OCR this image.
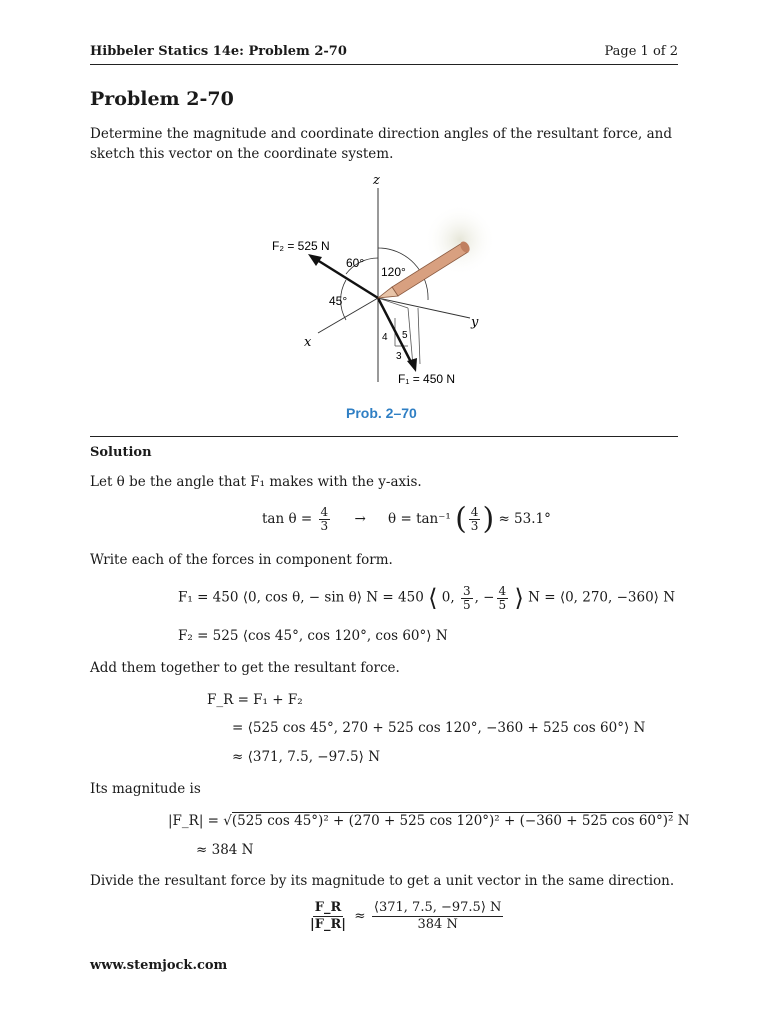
Hibbeler Statics 14e: Problem 2-70	Page 1 of 2
Problem 2-70
Determine the magnitude and coordinate direction angles of the resultant force, and sketch this vector on the coordinate system.
z
y
x
F₂ = 525 N
60°
120°
45°
4 5
3
F₁ = 450 N
Prob. 2–70
Solution
Let θ be the angle that F₁ makes with the y-axis.
$\tan \theta = \frac{4}{3} \to \theta = \tan^{-1}$ ( $\frac{4}{3}$ ) ≈ 53.1°
Write each of the forces in component form.
F₁ = 450 ⟨0, cos θ, − sin θ⟩ N = 450 ⟨ 0, $\frac{3}{5}$ , − $\frac{4}{5}$ ⟩ N = ⟨0, 270, −360⟩ N
F₂ = 525 ⟨cos 45°, cos 120°, cos 60°⟩ N
Add them together to get the resultant force.
F_R = F₁ + F₂
= ⟨525 cos 45°, 270 + 525 cos 120°, −360 + 525 cos 60°⟩ N
≈ ⟨371, 7.5, −97.5⟩ N
Its magnitude is
|F_R| = √(525 cos 45°)² + (270 + 525 cos 120°)² + (−360 + 525 cos 60°)² N
≈ 384 N
Divide the resultant force by its magnitude to get a unit vector in the same direction.
$\frac{F\_R}{|F\_R|} \approx \frac{⟨371, 7.5, -97.5⟩ N}{384 N}$
www.stemjock.com
